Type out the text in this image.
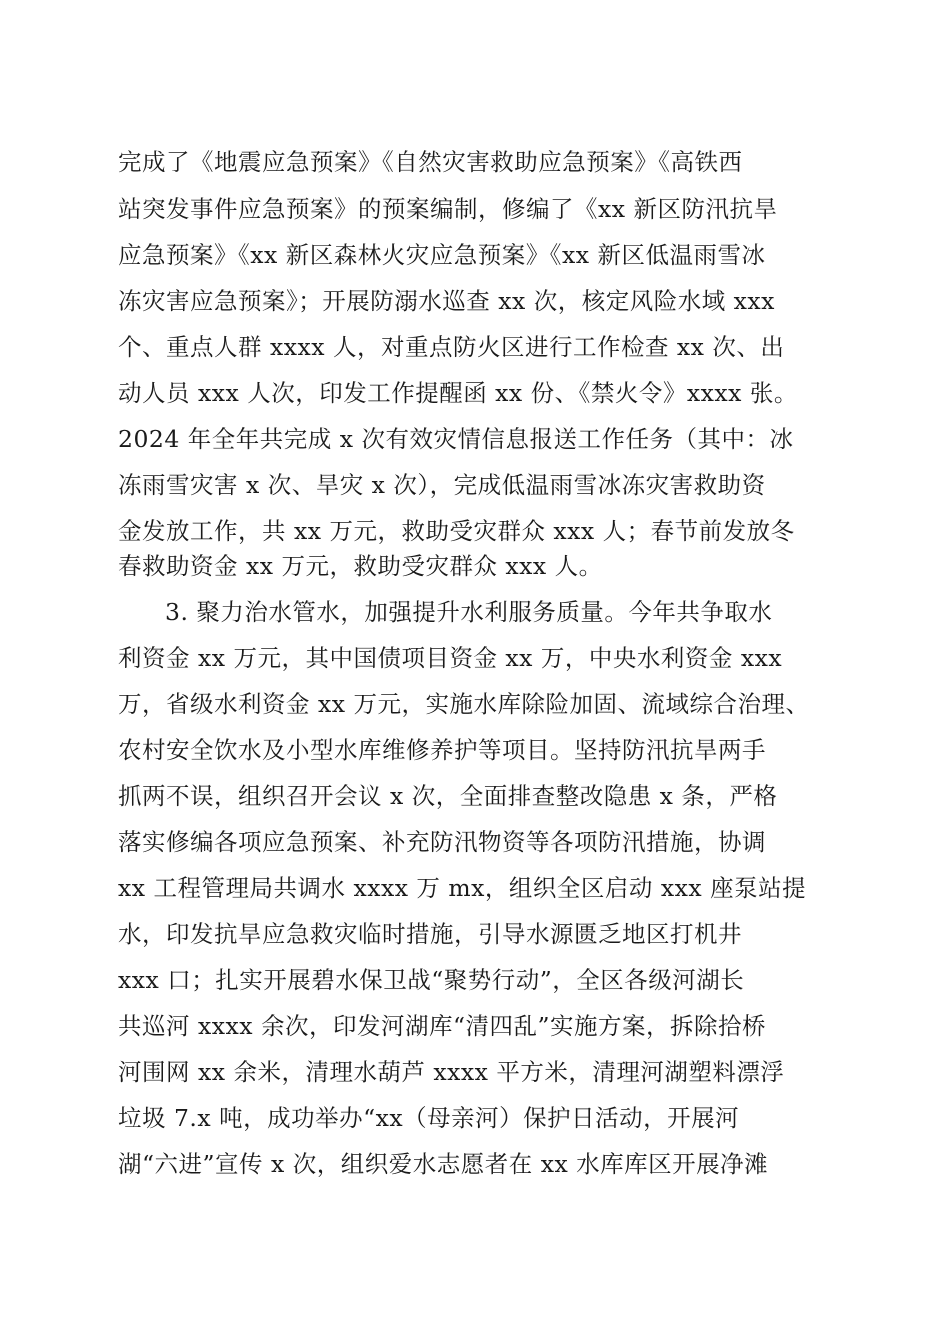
完成了《地震应急预案》《自然灾害救助应急预案》《高铁西
站突发事件应急预案》的预案编制，修编了《xx 新区防汛抗旱
应急预案》《xx 新区森林火灾应急预案》《xx 新区低温雨雪冰
冻灾害应急预案》；开展防溺水巡查 xx 次，核定风险水域 xxx
个、重点人群 xxxx 人，对重点防火区进行工作检查 xx 次、出
动人员 xxx 人次，印发工作提醒函 xx 份、《禁火令》xxxx 张。
2024 年全年共完成 x 次有效灾情信息报送工作任务（其中：冰
冻雨雪灾害 x 次、旱灾 x 次），完成低温雨雪冰冻灾害救助资
金发放工作，共 xx 万元，救助受灾群众 xxx 人；春节前发放冬
春救助资金 xx 万元，救助受灾群众 xxx 人。
3. 聚力治水管水，加强提升水利服务质量。今年共争取水
利资金 xx 万元，其中国债项目资金 xx 万，中央水利资金 xxx
万，省级水利资金 xx 万元，实施水库除险加固、流域综合治理、
农村安全饮水及小型水库维修养护等项目。坚持防汛抗旱两手
抓两不误，组织召开会议 x 次，全面排查整改隐患 x 条，严格
落实修编各项应急预案、补充防汛物资等各项防汛措施，协调
xx 工程管理局共调水 xxxx 万 mx，组织全区启动 xxx 座泵站提
水，印发抗旱应急救灾临时措施，引导水源匮乏地区打机井
xxx 口；扎实开展碧水保卫战“聚势行动”，全区各级河湖长
共巡河 xxxx 余次，印发河湖库“清四乱”实施方案，拆除拾桥
河围网 xx 余米，清理水葫芦 xxxx 平方米，清理河湖塑料漂浮
垃圾 7.x 吨，成功举办“xx（母亲河）保护日活动，开展河
湖“六进”宣传 x 次，组织爱水志愿者在 xx 水库库区开展净滩
